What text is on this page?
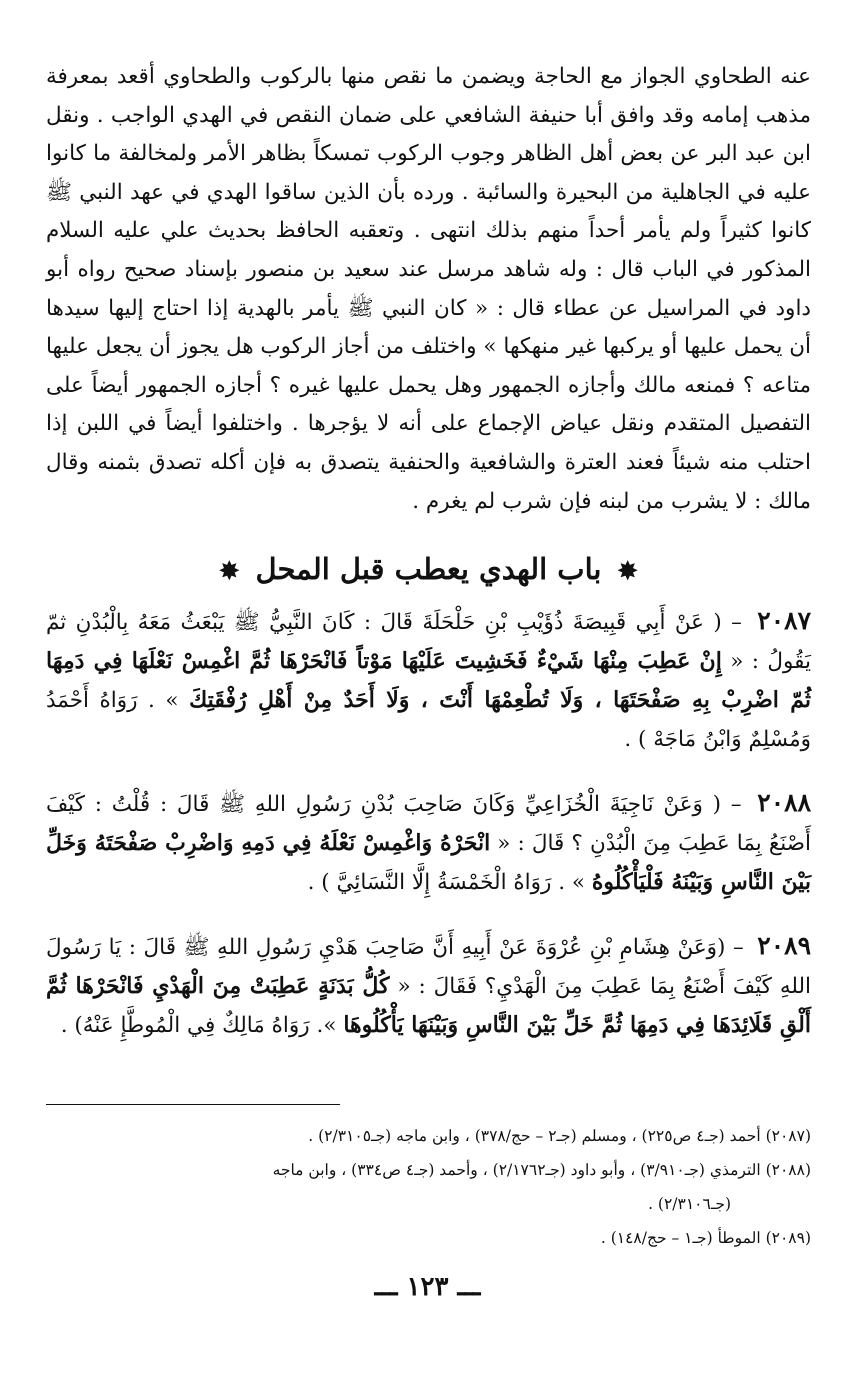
عنه الطحاوي الجواز مع الحاجة ويضمن ما نقص منها بالركوب والطحاوي أقعد بمعرفة مذهب إمامه وقد وافق أبا حنيفة الشافعي على ضمان النقص في الهدي الواجب . ونقل ابن عبد البر عن بعض أهل الظاهر وجوب الركوب تمسكاً بظاهر الأمر ولمخالفة ما كانوا عليه في الجاهلية من البحيرة والسائبة . ورده بأن الذين ساقوا الهدي في عهد النبي ﷺ كانوا كثيراً ولم يأمر أحداً منهم بذلك انتهى . وتعقبه الحافظ بحديث علي عليه السلام المذكور في الباب قال : وله شاهد مرسل عند سعيد بن منصور بإسناد صحيح رواه أبو داود في المراسيل عن عطاء قال : « كان النبي ﷺ يأمر بالهدية إذا احتاج إليها سيدها أن يحمل عليها أو يركبها غير منهكها » واختلف من أجاز الركوب هل يجوز أن يجعل عليها متاعه ؟ فمنعه مالك وأجازه الجمهور وهل يحمل عليها غيره ؟ أجازه الجمهور أيضاً على التفصيل المتقدم ونقل عياض الإجماع على أنه لا يؤجرها . واختلفوا أيضاً في اللبن إذا احتلب منه شيئاً فعند العترة والشافعية والحنفية يتصدق به فإن أكله تصدق بثمنه وقال مالك : لا يشرب من لبنه فإن شرب لم يغرم .

✸ باب الهدي يعطب قبل المحل ✸

٢٠٨٧ – ( عَنْ أَبِي قَبِيصَةَ ذُؤَيْبِ بْنِ حَلْحَلَةَ قَالَ : كَانَ النَّبِيُّ ﷺ يَبْعَثُ مَعَهُ بِالْبُدْنِ ثمّ يَقُولُ : « إِنْ عَطِبَ مِنْهَا شَيْءٌ فَخَشِيتَ عَلَيْهَا مَوْتاً فَانْحَرْهَا ثُمَّ اغْمِسْ نَعْلَهَا فِي دَمِهَا ثُمّ اضْرِبْ بِهِ صَفْحَتَهَا ، وَلَا تُطْعِمْهَا أَنْتَ ، وَلَا أَحَدٌ مِنْ أَهْلِ رُفْقَتِكَ » . رَوَاهُ أَحْمَدُ وَمُسْلِمٌ وَابْنُ مَاجَهْ ) .

٢٠٨٨ – ( وَعَنْ نَاجِيَةَ الْخُزَاعِيِّ وَكَانَ صَاحِبَ بُدْنِ رَسُولِ اللهِ ﷺ قَالَ : قُلْتُ : كَيْفَ أَصْنَعُ بِمَا عَطِبَ مِنَ الْبُدْنِ ؟ قَالَ : « انْحَرْهُ وَاغْمِسْ نَعْلَهُ فِي دَمِهِ وَاضْرِبْ صَفْحَتَهُ وَخَلِّ بَيْنَ النَّاسِ وَبَيْنَهُ فَلْيَأْكُلُوهُ » . رَوَاهُ الْخَمْسَةُ إِلَّا النَّسَائِيَّ ) .

٢٠٨٩ – (وَعَنْ هِشَامِ بْنِ عُرْوَةَ عَنْ أَبِيهِ أَنَّ صَاحِبَ هَدْيِ رَسُولِ اللهِ ﷺ قَالَ : يَا رَسُولَ اللهِ كَيْفَ أَصْنَعُ بِمَا عَطِبَ مِنَ الْهَدْيِ؟ فَقَالَ : « كُلُّ بَدَنَةٍ عَطِبَتْ مِنَ الْهَدْيِ فَانْحَرْهَا ثُمَّ أَلْقِ قَلَائِدَهَا فِي دَمِهَا ثُمَّ خَلِّ بَيْنَ النَّاسِ وَبَيْنَهَا يَأْكُلُوهَا ». رَوَاهُ مَالِكٌ فِي الْمُوطَّإِ عَنْهُ) .

(٢٠٨٧) أحمد (جـ٤ ص٢٢٥) ، ومسلم (جـ٢ – حج/٣٧٨) ، وابن ماجه (جـ٢/٣١٠٥) .

(٢٠٨٨) الترمذي (جـ٣/٩١٠) ، وأبو داود (جـ٢/١٧٦٢) ، وأحمد (جـ٤ ص٣٣٤) ، وابن ماجه

(جـ٢/٣١٠٦) .

(٢٠٨٩) الموطأ (جـ١ – حج/١٤٨) .

ـــ ١٢٣ ـــ
